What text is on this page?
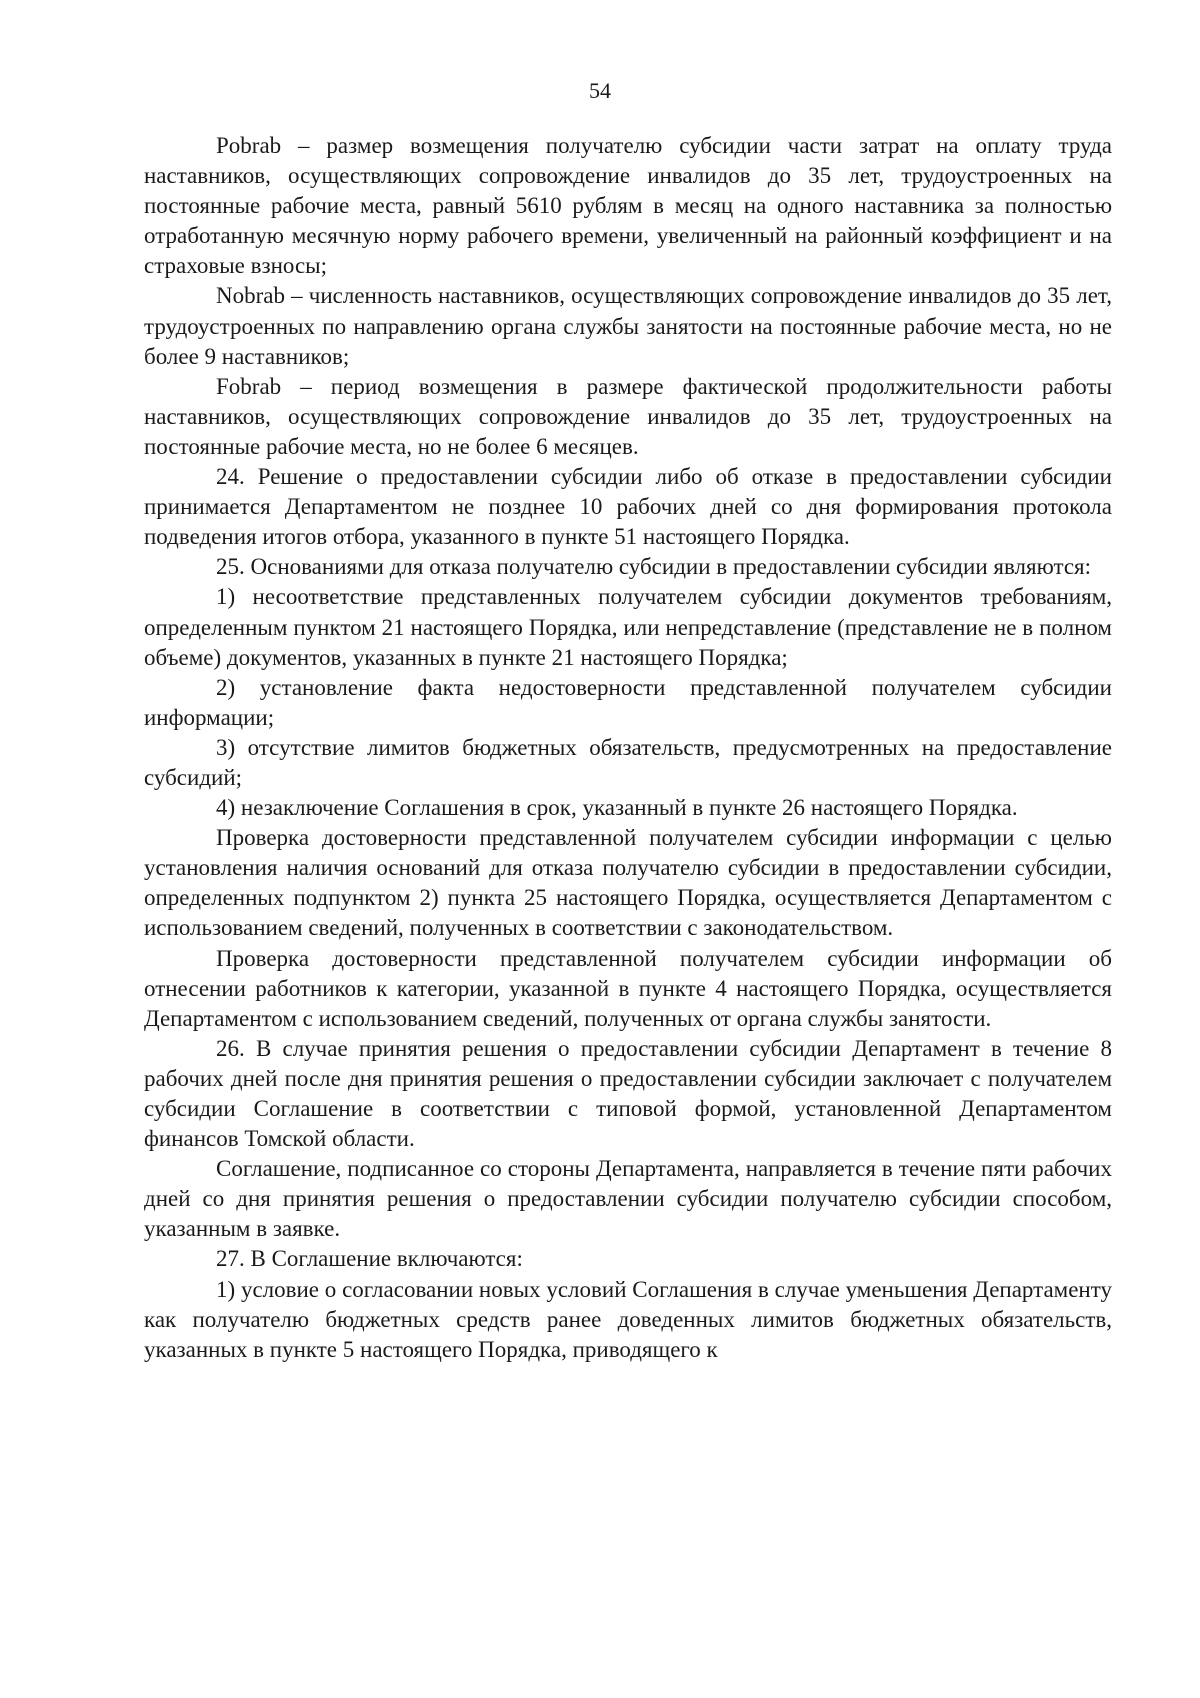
54

Pobrab – размер возмещения получателю субсидии части затрат на оплату труда наставников, осуществляющих сопровождение инвалидов до 35 лет, трудоустроенных на постоянные рабочие места, равный 5610 рублям в месяц на одного наставника за полностью отработанную месячную норму рабочего времени, увеличенный на районный коэффициент и на страховые взносы;

Nobrab – численность наставников, осуществляющих сопровождение инвалидов до 35 лет, трудоустроенных по направлению органа службы занятости на постоянные рабочие места, но не более 9 наставников;

Fobrab – период возмещения в размере фактической продолжительности работы наставников, осуществляющих сопровождение инвалидов до 35 лет, трудоустроенных на постоянные рабочие места, но не более 6 месяцев.

24. Решение о предоставлении субсидии либо об отказе в предоставлении субсидии принимается Департаментом не позднее 10 рабочих дней со дня формирования протокола подведения итогов отбора, указанного в пункте 51 настоящего Порядка.

25. Основаниями для отказа получателю субсидии в предоставлении субсидии являются:

1) несоответствие представленных получателем субсидии документов требованиям, определенным пунктом 21 настоящего Порядка, или непредставление (представление не в полном объеме) документов, указанных в пункте 21 настоящего Порядка;

2) установление факта недостоверности представленной получателем субсидии информации;

3) отсутствие лимитов бюджетных обязательств, предусмотренных на предоставление субсидий;

4) незаключение Соглашения в срок, указанный в пункте 26 настоящего Порядка.

Проверка достоверности представленной получателем субсидии информации с целью установления наличия оснований для отказа получателю субсидии в предоставлении субсидии, определенных подпунктом 2) пункта 25 настоящего Порядка, осуществляется Департаментом с использованием сведений, полученных в соответствии с законодательством.

Проверка достоверности представленной получателем субсидии информации об отнесении работников к категории, указанной в пункте 4 настоящего Порядка, осуществляется Департаментом с использованием сведений, полученных от органа службы занятости.

26. В случае принятия решения о предоставлении субсидии Департамент в течение 8 рабочих дней после дня принятия решения о предоставлении субсидии заключает с получателем субсидии Соглашение в соответствии с типовой формой, установленной Департаментом финансов Томской области.

Соглашение, подписанное со стороны Департамента, направляется в течение пяти рабочих дней со дня принятия решения о предоставлении субсидии получателю субсидии способом, указанным в заявке.

27. В Соглашение включаются:

1) условие о согласовании новых условий Соглашения в случае уменьшения Департаменту как получателю бюджетных средств ранее доведенных лимитов бюджетных обязательств, указанных в пункте 5 настоящего Порядка, приводящего к
